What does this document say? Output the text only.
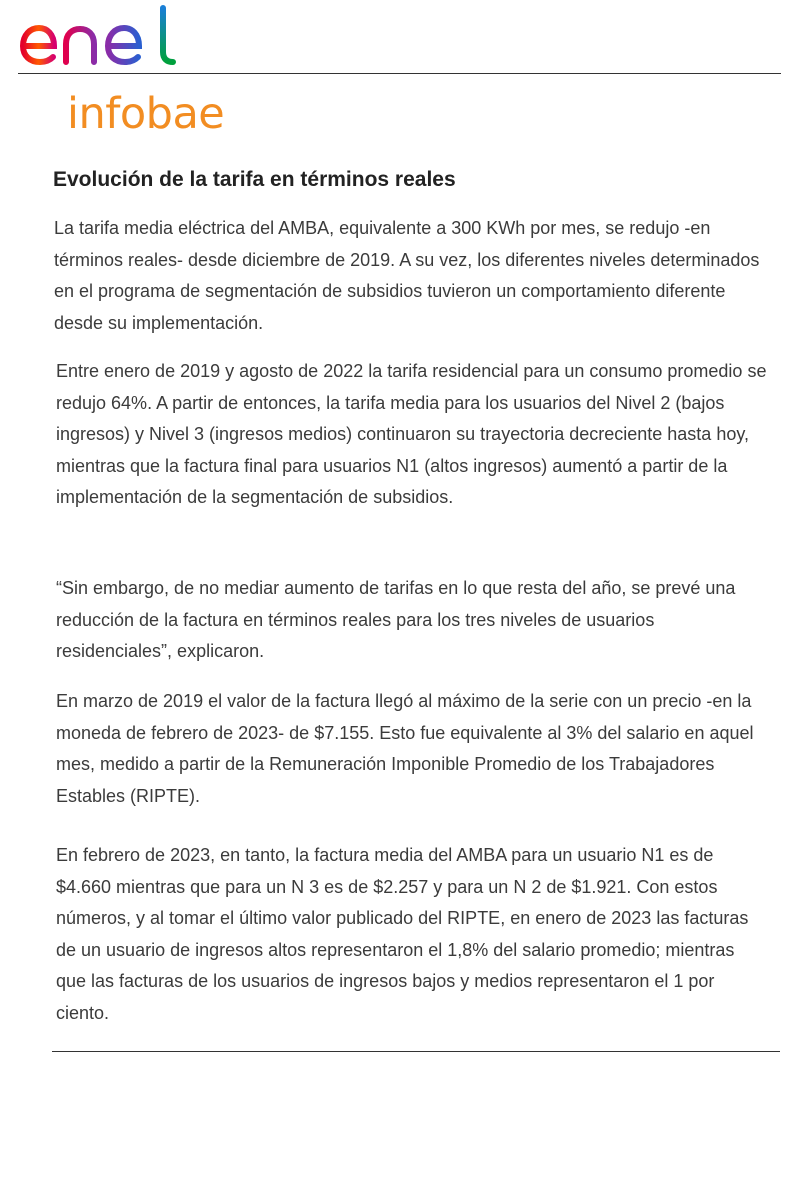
infobae
Evolución de la tarifa en términos reales

La tarifa media eléctrica del AMBA, equivalente a 300 KWh por mes, se redujo -en términos reales- desde diciembre de 2019. A su vez, los diferentes niveles determinados en el programa de segmentación de subsidios tuvieron un comportamiento diferente desde su implementación.

Entre enero de 2019 y agosto de 2022 la tarifa residencial para un consumo promedio se redujo 64%. A partir de entonces, la tarifa media para los usuarios del Nivel 2 (bajos ingresos) y Nivel 3 (ingresos medios) continuaron su trayectoria decreciente hasta hoy, mientras que la factura final para usuarios N1 (altos ingresos) aumentó a partir de la implementación de la segmentación de subsidios.

“Sin embargo, de no mediar aumento de tarifas en lo que resta del año, se prevé una reducción de la factura en términos reales para los tres niveles de usuarios residenciales”, explicaron.

En marzo de 2019 el valor de la factura llegó al máximo de la serie con un precio -en la moneda de febrero de 2023- de $7.155. Esto fue equivalente al 3% del salario en aquel mes, medido a partir de la Remuneración Imponible Promedio de los Trabajadores Estables (RIPTE).

En febrero de 2023, en tanto, la factura media del AMBA para un usuario N1 es de $4.660 mientras que para un N 3 es de $2.257 y para un N 2 de $1.921. Con estos números, y al tomar el último valor publicado del RIPTE, en enero de 2023 las facturas de un usuario de ingresos altos representaron el 1,8% del salario promedio; mientras que las facturas de los usuarios de ingresos bajos y medios representaron el 1 por ciento.
